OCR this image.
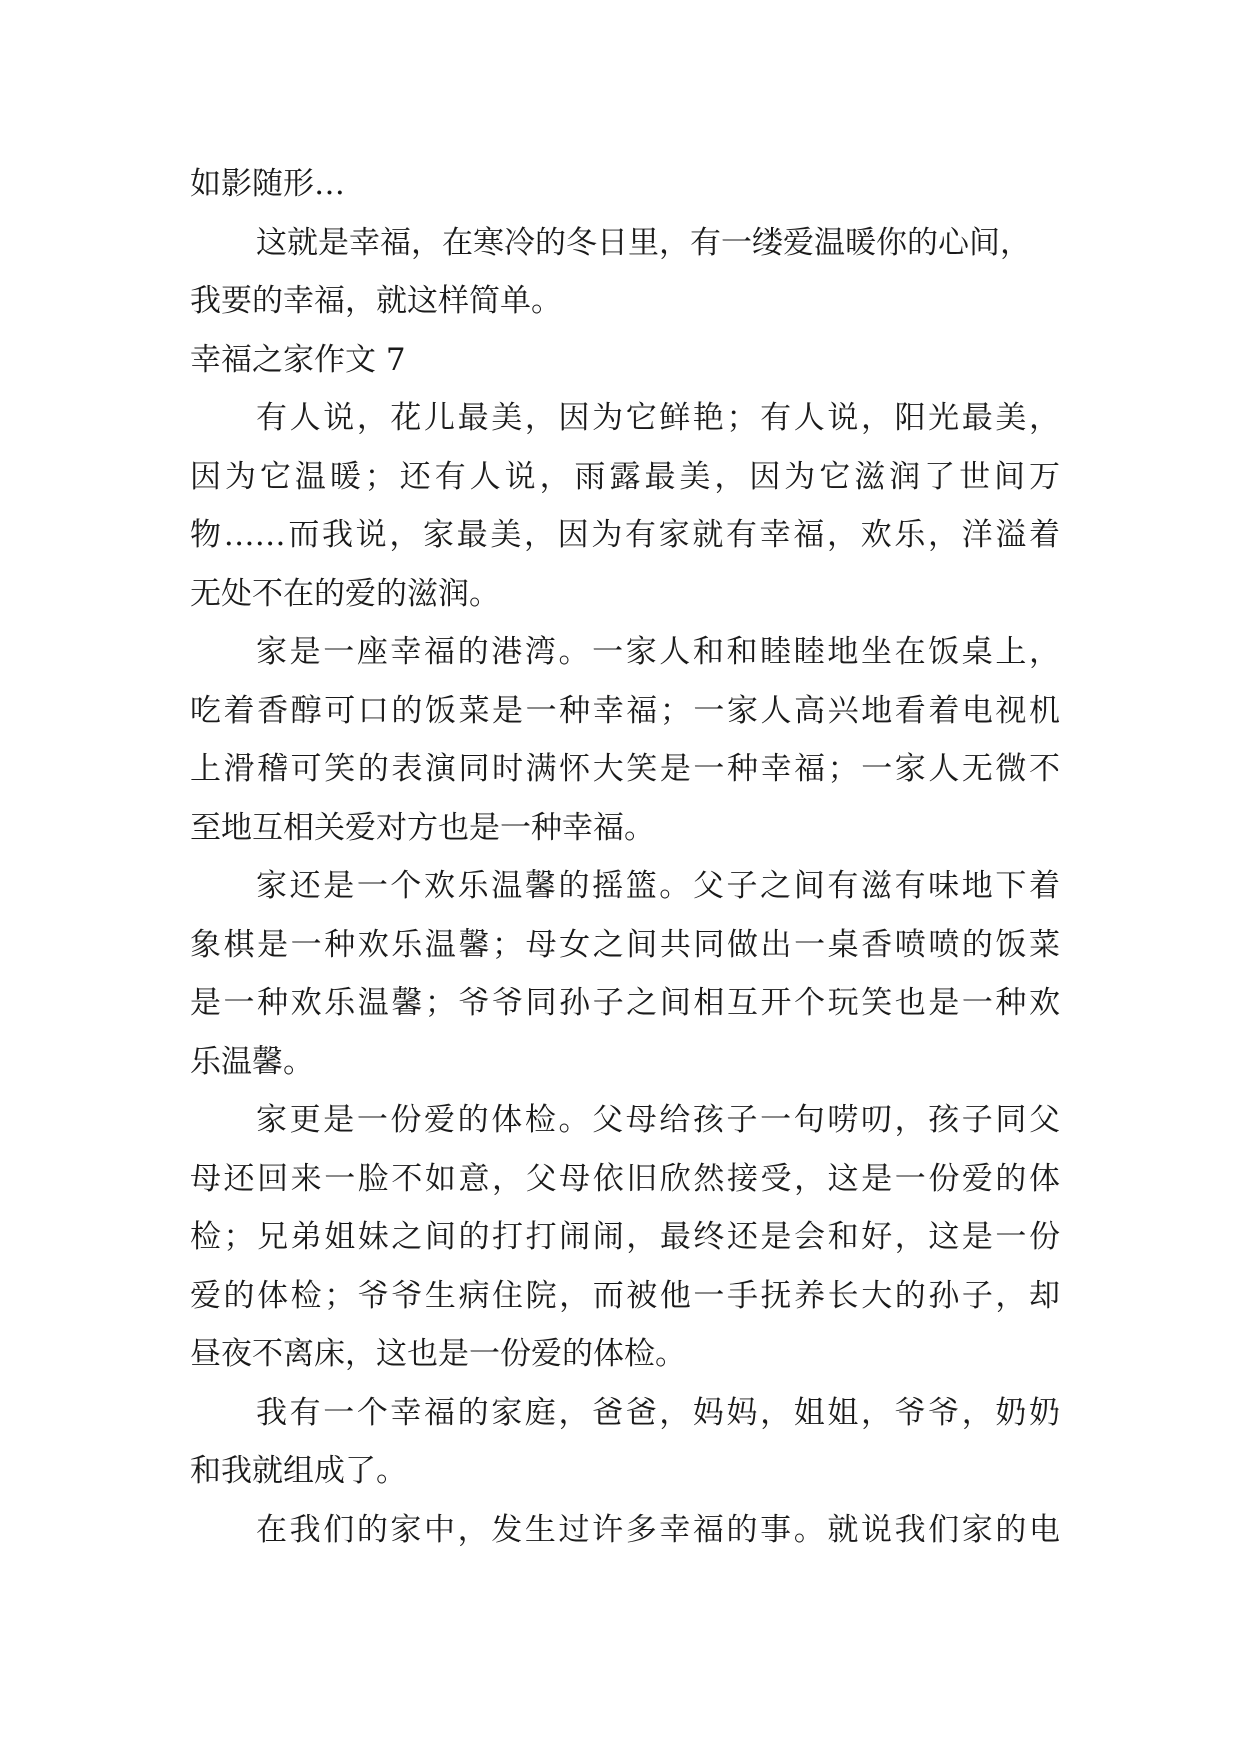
如影随形…
这就是幸福，在寒冷的冬日里，有一缕爱温暖你的心间，
我要的幸福，就这样简单。
幸福之家作文 7
有人说，花儿最美，因为它鲜艳；有人说，阳光最美，
因为它温暖；还有人说，雨露最美，因为它滋润了世间万
物……而我说，家最美，因为有家就有幸福，欢乐，洋溢着
无处不在的爱的滋润。
家是一座幸福的港湾。一家人和和睦睦地坐在饭桌上，
吃着香醇可口的饭菜是一种幸福；一家人高兴地看着电视机
上滑稽可笑的表演同时满怀大笑是一种幸福；一家人无微不
至地互相关爱对方也是一种幸福。
家还是一个欢乐温馨的摇篮。父子之间有滋有味地下着
象棋是一种欢乐温馨；母女之间共同做出一桌香喷喷的饭菜
是一种欢乐温馨；爷爷同孙子之间相互开个玩笑也是一种欢
乐温馨。
家更是一份爱的体检。父母给孩子一句唠叨，孩子同父
母还回来一脸不如意，父母依旧欣然接受，这是一份爱的体
检；兄弟姐妹之间的打打闹闹，最终还是会和好，这是一份
爱的体检；爷爷生病住院，而被他一手抚养长大的孙子，却
昼夜不离床，这也是一份爱的体检。
我有一个幸福的家庭，爸爸，妈妈，姐姐，爷爷，奶奶
和我就组成了。
在我们的家中，发生过许多幸福的事。就说我们家的电
